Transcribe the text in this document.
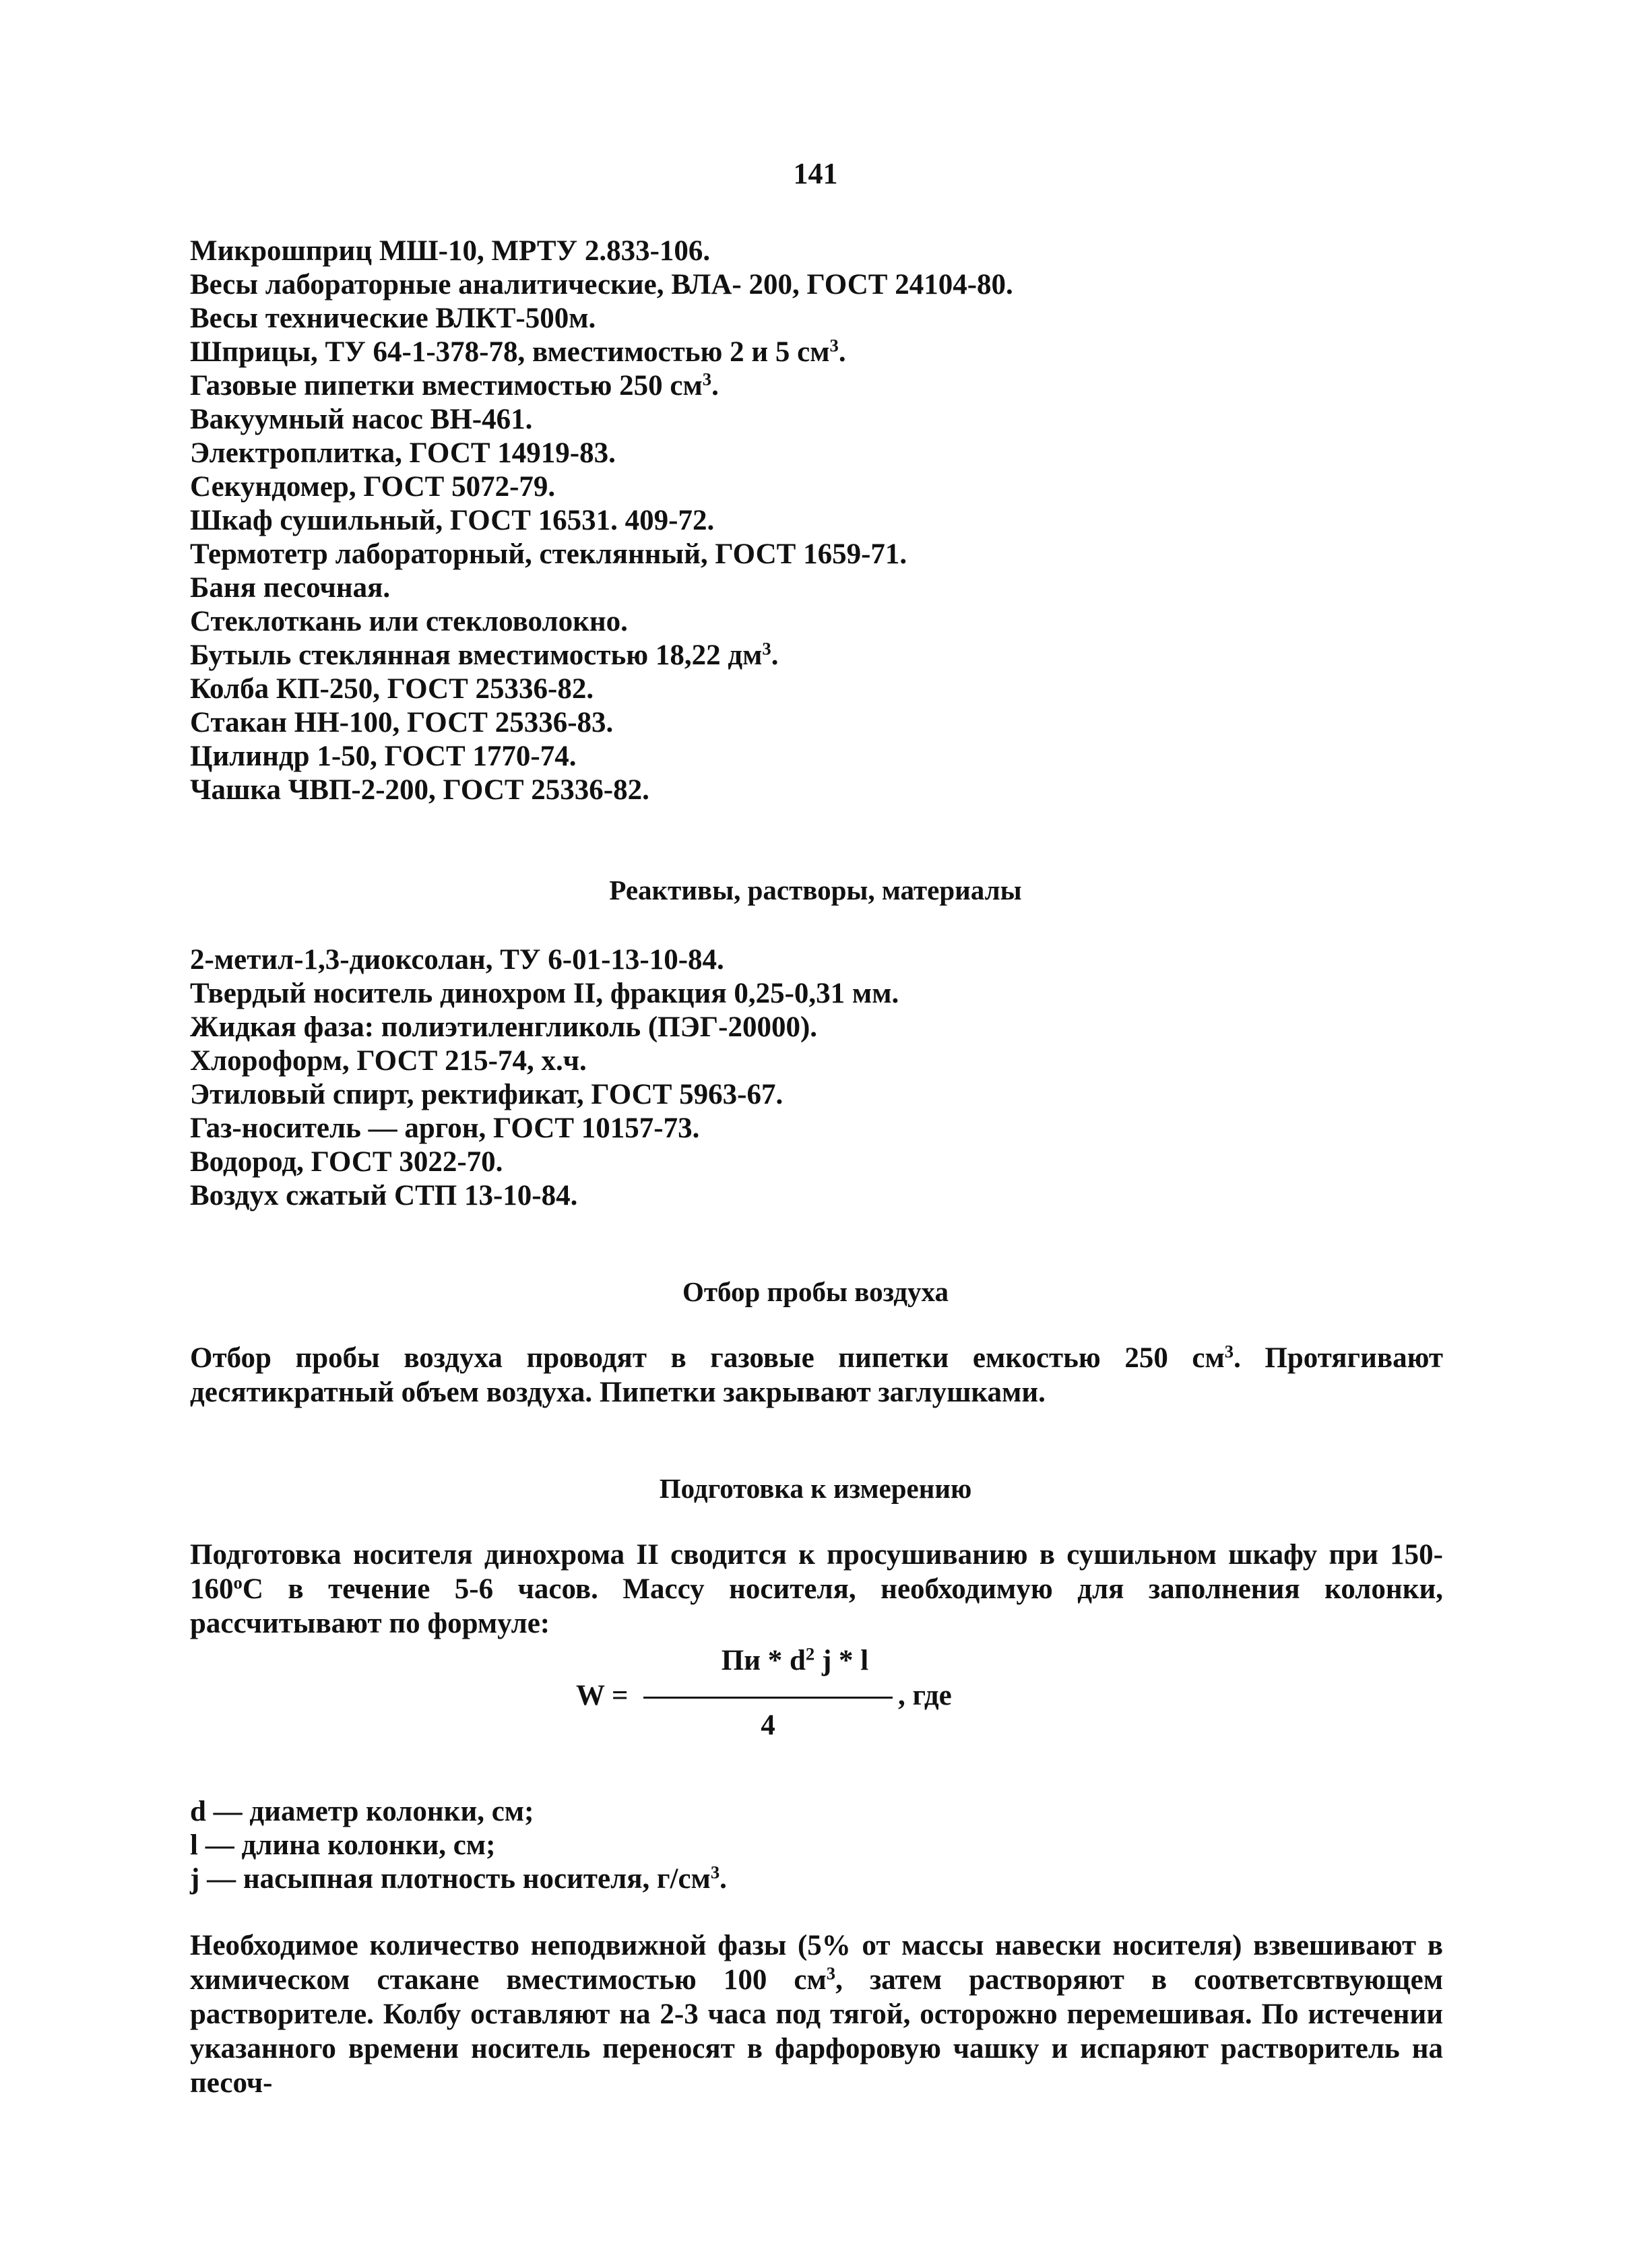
141
Микрошприц МШ-10, МРТУ 2.833-106.
Весы лабораторные аналитические, ВЛА- 200, ГОСТ 24104-80.
Весы технические ВЛКТ-500м.
Шприцы, ТУ 64-1-378-78, вместимостью 2 и 5 $см^3$.
Газовые пипетки вместимостью 250 $см^3$.
Вакуумный насос ВН-461.
Электроплитка, ГОСТ 14919-83.
Секундомер, ГОСТ 5072-79.
Шкаф сушильный, ГОСТ 16531. 409-72.
Термотетр лабораторный, стеклянный, ГОСТ 1659-71.
Баня песочная.
Стеклоткань или стекловолокно.
Бутыль стеклянная вместимостью 18,22 $дм^3$.
Колба КП-250, ГОСТ 25336-82.
Стакан НН-100, ГОСТ 25336-83.
Цилиндр 1-50, ГОСТ 1770-74.
Чашка ЧВП-2-200, ГОСТ 25336-82.
Реактивы, растворы, материалы
2-метил-1,3-диоксолан, ТУ 6-01-13-10-84.
Твердый носитель динохром II, фракция 0,25-0,31 мм.
Жидкая фаза: полиэтиленгликоль (ПЭГ-20000).
Хлороформ, ГОСТ 215-74, х.ч.
Этиловый спирт, ректификат, ГОСТ 5963-67.
Газ-носитель — аргон, ГОСТ 10157-73.
Водород, ГОСТ 3022-70.
Воздух сжатый СТП 13-10-84.
Отбор пробы воздуха

Отбор пробы воздуха проводят в газовые пипетки емкостью 250 $см^3$. Протягивают десятикратный объем воздуха. Пипетки закрывают заглушками.

Подготовка к измерению

Подготовка носителя динохрома II сводится к просушиванию в сушильном шкафу при $150-160^оС$ в течение 5-6 часов. Массу носителя, необходимую для заполнения колонки, рассчитывают по формуле:

W =
Пи * $d^2$ j * l
4
, где
d — диаметр колонки, см;
l — длина колонки, см;
j — насыпная плотность носителя, $г/см^3$.

Необходимое количество неподвижной фазы (5% от массы навески носителя) взвешивают в химическом стакане вместимостью 100 $см^3$, затем растворяют в соответсвтвующем растворителе. Колбу оставляют на 2-3 часа под тягой, осторожно перемешивая. По истечении указанного времени носитель переносят в фарфоровую чашку и испаряют растворитель на песоч-
